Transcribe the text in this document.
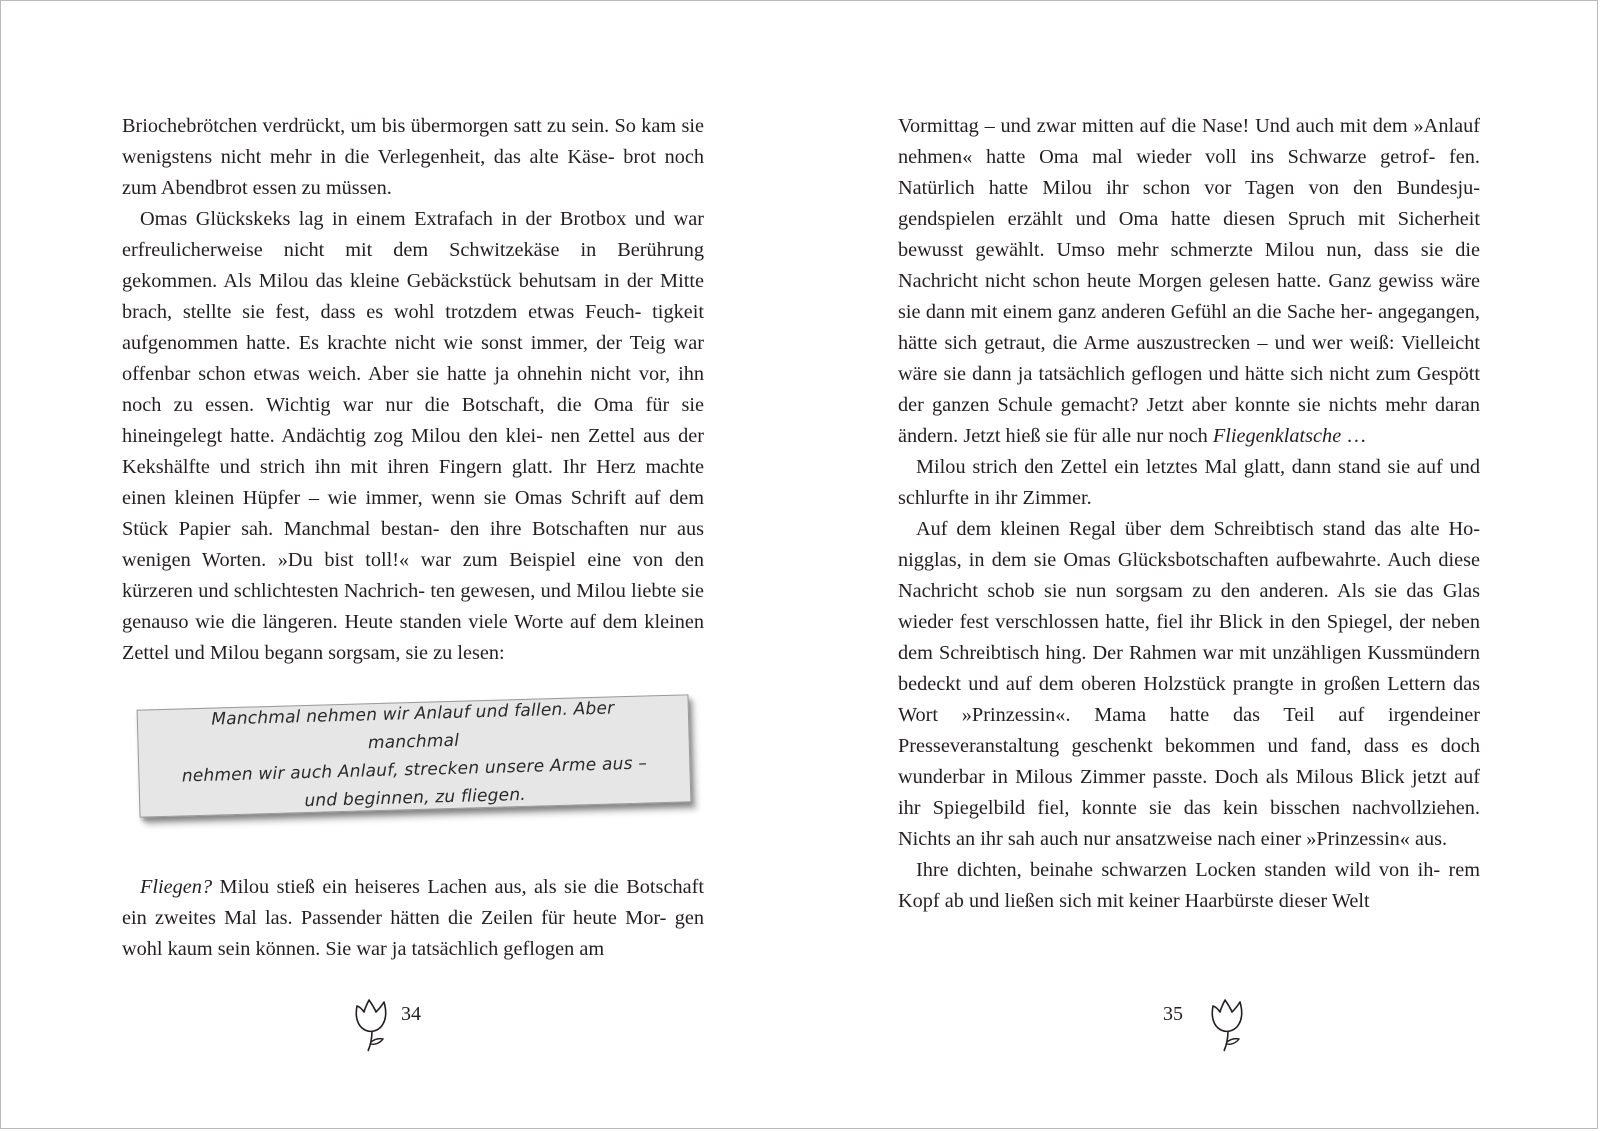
Briochebrötchen verdrückt, um bis übermorgen satt zu sein. So kam sie wenigstens nicht mehr in die Verlegenheit, das alte Käse- brot noch zum Abendbrot essen zu müssen.

Omas Glückskeks lag in einem Extrafach in der Brotbox und war erfreulicherweise nicht mit dem Schwitzekäse in Berührung gekommen. Als Milou das kleine Gebäckstück behutsam in der Mitte brach, stellte sie fest, dass es wohl trotzdem etwas Feuch- tigkeit aufgenommen hatte. Es krachte nicht wie sonst immer, der Teig war offenbar schon etwas weich. Aber sie hatte ja ohnehin nicht vor, ihn noch zu essen. Wichtig war nur die Botschaft, die Oma für sie hineingelegt hatte. Andächtig zog Milou den klei- nen Zettel aus der Kekshälfte und strich ihn mit ihren Fingern glatt. Ihr Herz machte einen kleinen Hüpfer – wie immer, wenn sie Omas Schrift auf dem Stück Papier sah. Manchmal bestan- den ihre Botschaften nur aus wenigen Worten. »Du bist toll!« war zum Beispiel eine von den kürzeren und schlichtesten Nachrich- ten gewesen, und Milou liebte sie genauso wie die längeren. Heute standen viele Worte auf dem kleinen Zettel und Milou begann sorgsam, sie zu lesen:

Manchmal nehmen wir Anlauf und fallen. Aber manchmal
nehmen wir auch Anlauf, strecken unsere Arme aus –
und beginnen, zu fliegen.

Fliegen? Milou stieß ein heiseres Lachen aus, als sie die Botschaft ein zweites Mal las. Passender hätten die Zeilen für heute Mor- gen wohl kaum sein können. Sie war ja tatsächlich geflogen am

Vormittag – und zwar mitten auf die Nase! Und auch mit dem »Anlauf nehmen« hatte Oma mal wieder voll ins Schwarze getrof- fen. Natürlich hatte Milou ihr schon vor Tagen von den Bundesju- gendspielen erzählt und Oma hatte diesen Spruch mit Sicherheit bewusst gewählt. Umso mehr schmerzte Milou nun, dass sie die Nachricht nicht schon heute Morgen gelesen hatte. Ganz gewiss wäre sie dann mit einem ganz anderen Gefühl an die Sache her- angegangen, hätte sich getraut, die Arme auszustrecken – und wer weiß: Vielleicht wäre sie dann ja tatsächlich geflogen und hätte sich nicht zum Gespött der ganzen Schule gemacht? Jetzt aber konnte sie nichts mehr daran ändern. Jetzt hieß sie für alle nur noch Fliegenklatsche …

Milou strich den Zettel ein letztes Mal glatt, dann stand sie auf und schlurfte in ihr Zimmer.

Auf dem kleinen Regal über dem Schreibtisch stand das alte Ho- nigglas, in dem sie Omas Glücksbotschaften aufbewahrte. Auch diese Nachricht schob sie nun sorgsam zu den anderen. Als sie das Glas wieder fest verschlossen hatte, fiel ihr Blick in den Spiegel, der neben dem Schreibtisch hing. Der Rahmen war mit unzähligen Kussmündern bedeckt und auf dem oberen Holzstück prangte in großen Lettern das Wort »Prinzessin«. Mama hatte das Teil auf irgendeiner Presseveranstaltung geschenkt bekommen und fand, dass es doch wunderbar in Milous Zimmer passte. Doch als Milous Blick jetzt auf ihr Spiegelbild fiel, konnte sie das kein bisschen nachvollziehen. Nichts an ihr sah auch nur ansatzweise nach einer »Prinzessin« aus.

Ihre dichten, beinahe schwarzen Locken standen wild von ih- rem Kopf ab und ließen sich mit keiner Haarbürste dieser Welt

34	35
